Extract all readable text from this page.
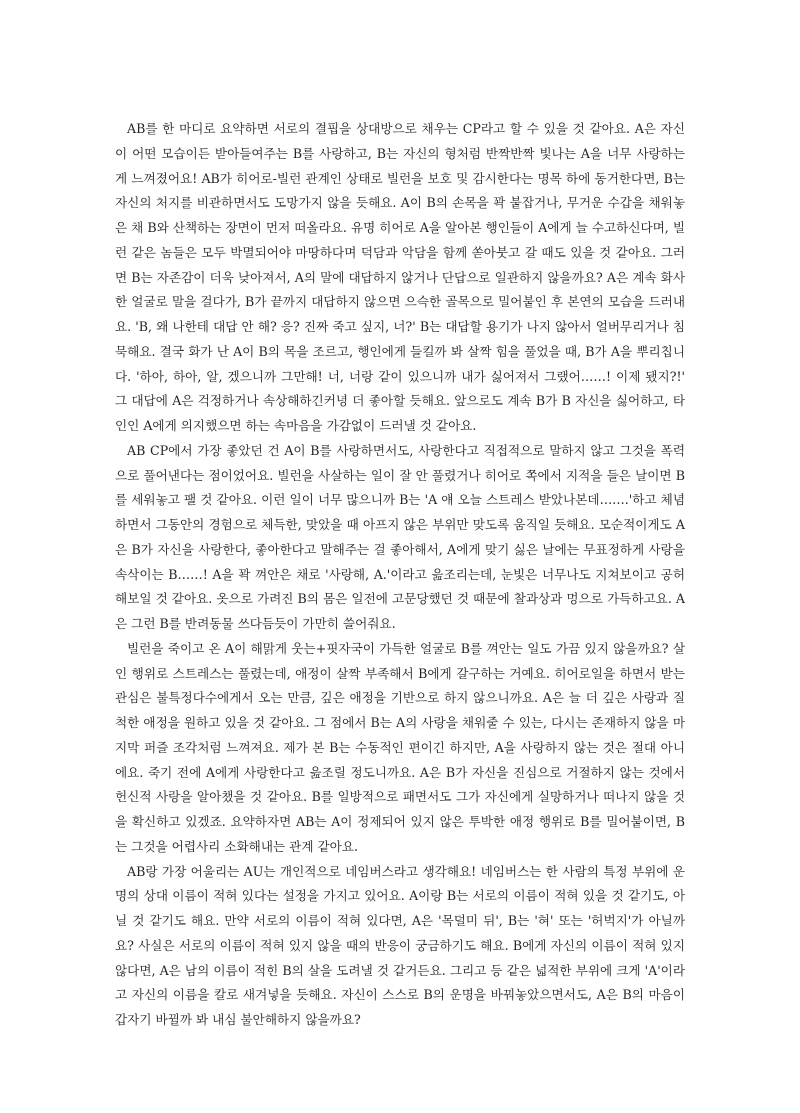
AB를 한 마디로 요약하면 서로의 결핍을 상대방으로 채우는 CP라고 할 수 있을 것 같아요. A은 자신이 어떤 모습이든 받아들여주는 B를 사랑하고, B는 자신의 형처럼 반짝반짝 빛나는 A을 너무 사랑하는 게 느껴졌어요! AB가 히어로-빌런 관계인 상태로 빌런을 보호 및 감시한다는 명목 하에 동거한다면, B는 자신의 처지를 비관하면서도 도망가지 않을 듯해요. A이 B의 손목을 꽉 붙잡거나, 무거운 수갑을 채워놓은 채 B와 산책하는 장면이 먼저 떠올라요. 유명 히어로 A을 알아본 행인들이 A에게 늘 수고하신다며, 빌런 같은 놈들은 모두 박멸되어야 마땅하다며 덕담과 악담을 함께 쏟아붓고 갈 때도 있을 것 같아요. 그러면 B는 자존감이 더욱 낮아져서, A의 말에 대답하지 않거나 단답으로 일관하지 않을까요? A은 계속 화사한 얼굴로 말을 걸다가, B가 끝까지 대답하지 않으면 으슥한 골목으로 밀어붙인 후 본연의 모습을 드러내요. 'B, 왜 나한테 대답 안 해? 응? 진짜 죽고 싶지, 너?' B는 대답할 용기가 나지 않아서 얼버무리거나 침묵해요. 결국 화가 난 A이 B의 목을 조르고, 행인에게 들킬까 봐 살짝 힘을 풀었을 때, B가 A을 뿌리칩니다. '하아, 하아, 알, 겠으니까 그만해! 너, 너랑 같이 있으니까 내가 싫어져서 그랬어……! 이제 됐지?!' 그 대답에 A은 걱정하거나 속상해하긴커녕 더 좋아할 듯해요. 앞으로도 계속 B가 B 자신을 싫어하고, 타인인 A에게 의지했으면 하는 속마음을 가감없이 드러낼 것 같아요.

AB CP에서 가장 좋았던 건 A이 B를 사랑하면서도, 사랑한다고 직접적으로 말하지 않고 그것을 폭력으로 풀어낸다는 점이었어요. 빌런을 사살하는 일이 잘 안 풀렸거나 히어로 쪽에서 지적을 들은 날이면 B를 세워놓고 팰 것 같아요. 이런 일이 너무 많으니까 B는 'A 얘 오늘 스트레스 받았나본데…….'하고 체념하면서 그동안의 경험으로 체득한, 맞았을 때 아프지 않은 부위만 맞도록 움직일 듯해요. 모순적이게도 A은 B가 자신을 사랑한다, 좋아한다고 말해주는 걸 좋아해서, A에게 맞기 싫은 날에는 무표정하게 사랑을 속삭이는 B……! A을 꽉 껴안은 채로 '사랑해, A.'이라고 읊조리는데, 눈빛은 너무나도 지쳐보이고 공허해보일 것 같아요. 옷으로 가려진 B의 몸은 일전에 고문당했던 것 때문에 찰과상과 멍으로 가득하고요. A은 그런 B를 반려동물 쓰다듬듯이 가만히 쓸어줘요.

빌런을 죽이고 온 A이 해맑게 웃는+핏자국이 가득한 얼굴로 B를 껴안는 일도 가끔 있지 않을까요? 살인 행위로 스트레스는 풀렸는데, 애정이 살짝 부족해서 B에게 갈구하는 거예요. 히어로일을 하면서 받는 관심은 불특정다수에게서 오는 만큼, 깊은 애정을 기반으로 하지 않으니까요. A은 늘 더 깊은 사랑과 질척한 애정을 원하고 있을 것 같아요. 그 점에서 B는 A의 사랑을 채워줄 수 있는, 다시는 존재하지 않을 마지막 퍼즐 조각처럼 느껴져요. 제가 본 B는 수동적인 편이긴 하지만, A을 사랑하지 않는 것은 절대 아니에요. 죽기 전에 A에게 사랑한다고 읊조릴 정도니까요. A은 B가 자신을 진심으로 거절하지 않는 것에서 헌신적 사랑을 알아챘을 것 같아요. B를 일방적으로 패면서도 그가 자신에게 실망하거나 떠나지 않을 것을 확신하고 있겠죠. 요약하자면 AB는 A이 정제되어 있지 않은 투박한 애정 행위로 B를 밀어붙이면, B는 그것을 어렵사리 소화해내는 관계 같아요.

AB랑 가장 어울리는 AU는 개인적으로 네임버스라고 생각해요! 네임버스는 한 사람의 특정 부위에 운명의 상대 이름이 적혀 있다는 설정을 가지고 있어요. A이랑 B는 서로의 이름이 적혀 있을 것 같기도, 아닐 것 같기도 해요. 만약 서로의 이름이 적혀 있다면, A은 '목덜미 뒤', B는 '혀' 또는 '허벅지'가 아닐까요? 사실은 서로의 이름이 적혀 있지 않을 때의 반응이 궁금하기도 해요. B에게 자신의 이름이 적혀 있지 않다면, A은 남의 이름이 적힌 B의 살을 도려낼 것 같거든요. 그리고 등 같은 넓적한 부위에 크게 'A'이라고 자신의 이름을 칼로 새겨넣을 듯해요. 자신이 스스로 B의 운명을 바꿔놓았으면서도, A은 B의 마음이 갑자기 바뀔까 봐 내심 불안해하지 않을까요?
